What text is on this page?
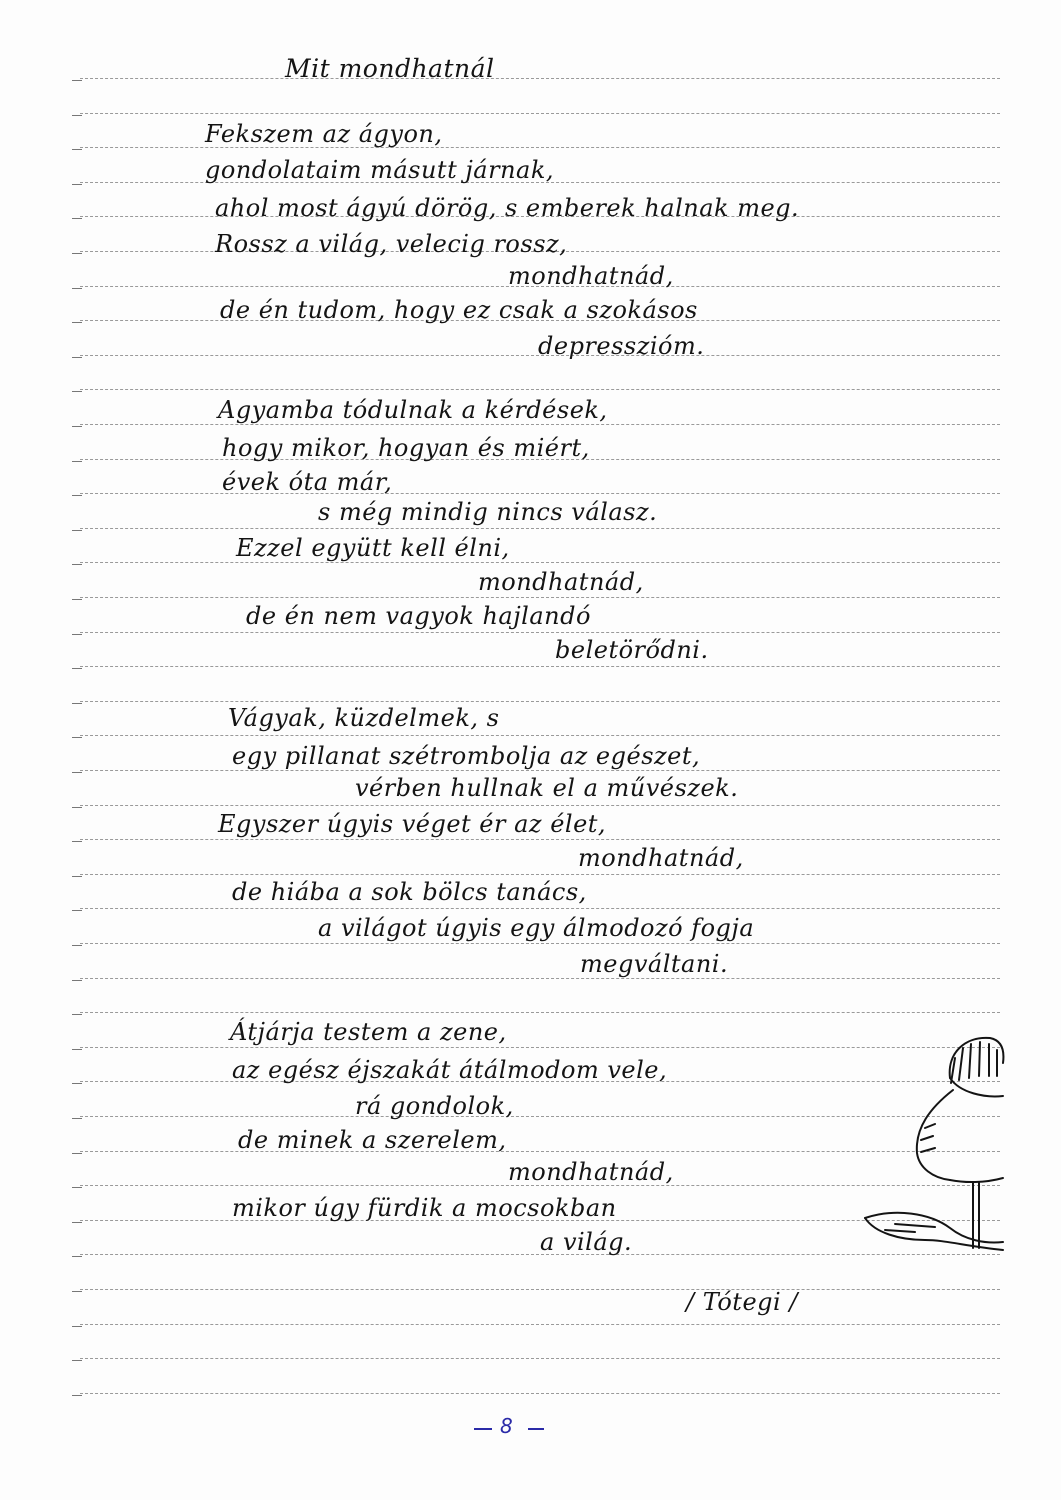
Mit mondhatnál
Fekszem az ágyon,
gondolataim másutt járnak,
ahol most ágyú dörög, s emberek halnak meg.
Rossz a világ, velecig rossz,
mondhatnád,
de én tudom, hogy ez csak a szokásos
depresszióm.
Agyamba tódulnak a kérdések,
hogy mikor, hogyan és miért,
évek óta már,
s még mindig nincs válasz.
Ezzel együtt kell élni,
mondhatnád,
de én nem vagyok hajlandó
beletörődni.
Vágyak, küzdelmek, s
egy pillanat szétrombolja az egészet,
vérben hullnak el a művészek.
Egyszer úgyis véget ér az élet,
mondhatnád,
de hiába a sok bölcs tanács,
a világot úgyis egy álmodozó fogja
megváltani.
Átjárja testem a zene,
az egész éjszakát átálmodom vele,
rá gondolok,
de minek a szerelem,
mondhatnád,
mikor úgy fürdik a mocsokban
a világ.
/ Tótegi /
8
